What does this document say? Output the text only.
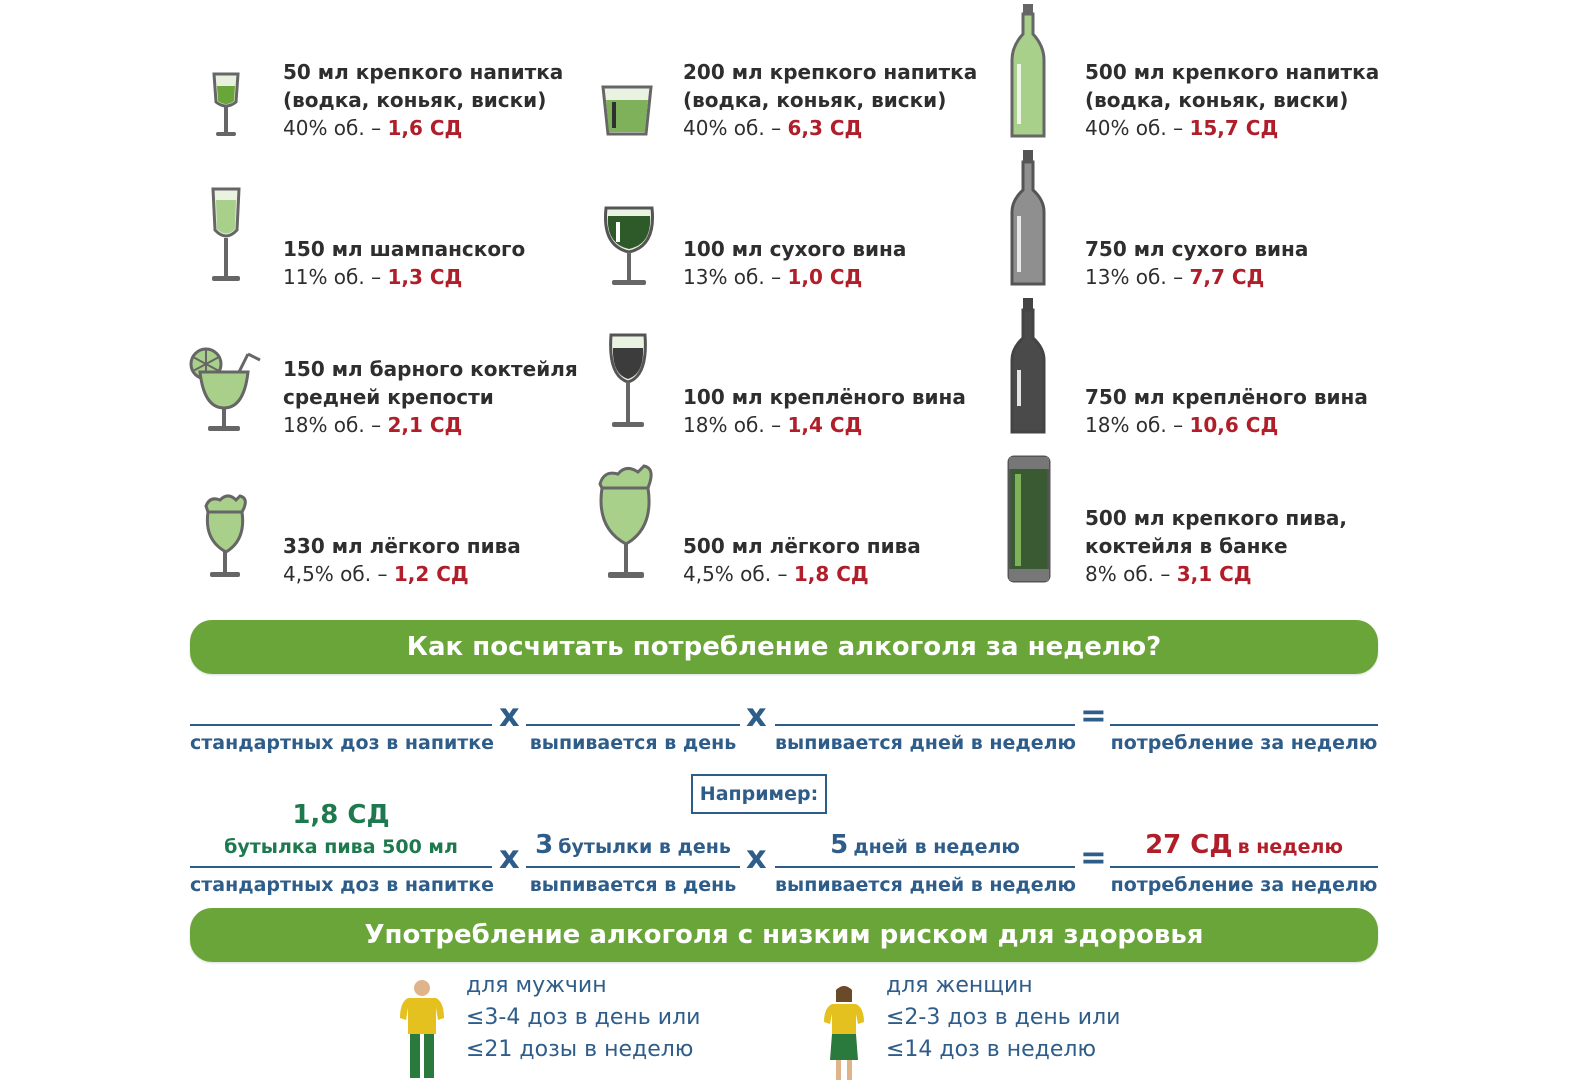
50 мл крепкого напитка
(водка, коньяк, виски)
40% об. – 1,6 СД
200 мл крепкого напитка
(водка, коньяк, виски)
40% об. – 6,3 СД
500 мл крепкого напитка
(водка, коньяк, виски)
40% об. – 15,7 СД
150 мл шампанского
11% об. – 1,3 СД
100 мл сухого вина
13% об. – 1,0 СД
750 мл сухого вина
13% об. – 7,7 СД
150 мл барного коктейля
средней крепости
18% об. – 2,1 СД
100 мл креплёного вина
18% об. – 1,4 СД
750 мл креплёного вина
18% об. – 10,6 СД
330 мл лёгкого пива
4,5% об. – 1,2 СД
500 мл лёгкого пива
4,5% об. – 1,8 СД
500 мл крепкого пива,
коктейля в банке
8% об. – 3,1 СД
Как посчитать потребление алкоголя за неделю?
x	x	=
стандартных доз в напитке выпивается в день выпивается дней в неделю потребление за неделю
Например:
1,8 СД
бутылка пива 500 мл	3 бутылки в день	5 дней в неделю	27 СД в неделю
x	x	=
стандартных доз в напитке выпивается в день выпивается дней в неделю потребление за неделю
Употребление алкоголя с низким риском для здоровья
для мужчин
≤3-4 доз в день или
≤21 дозы в неделю
для женщин
≤2-3 доз в день или
≤14 доз в неделю
